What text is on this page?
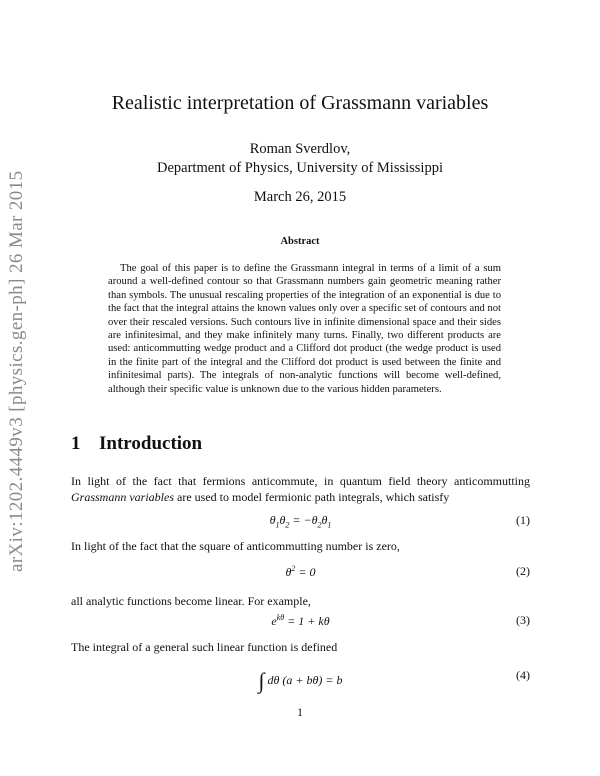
arXiv:1202.4449v3 [physics.gen-ph] 26 Mar 2015
Realistic interpretation of Grassmann variables
Roman Sverdlov,
Department of Physics, University of Mississippi
March 26, 2015
Abstract

The goal of this paper is to define the Grassmann integral in terms of a limit of a sum around a well-defined contour so that Grassmann numbers gain geometric meaning rather than symbols. The unusual rescaling properties of the integration of an exponential is due to the fact that the integral attains the known values only over a specific set of contours and not over their rescaled versions. Such contours live in infinite dimensional space and their sides are infinitesimal, and they make infinitely many turns. Finally, two different products are used: anticommutting wedge product and a Clifford dot product (the wedge product is used in the finite part of the integral and the Clifford dot product is used between the finite and infinitesimal parts). The integrals of non-analytic functions will become well-defined, although their specific value is unknown due to the various hidden parameters.

1 Introduction

In light of the fact that fermions anticommute, in quantum field theory anticommutting Grassmann variables are used to model fermionic path integrals, which satisfy

$\theta_1\theta_2 = -\theta_2\theta_1$	(1)

In light of the fact that the square of anticommutting number is zero,

$\theta^2 = 0$	(2)

all analytic functions become linear. For example,

$e^{k\theta} = 1 + k\theta$	(3)

The integral of a general such linear function is defined

∫ dθ (a + bθ) = b	(4)
1
